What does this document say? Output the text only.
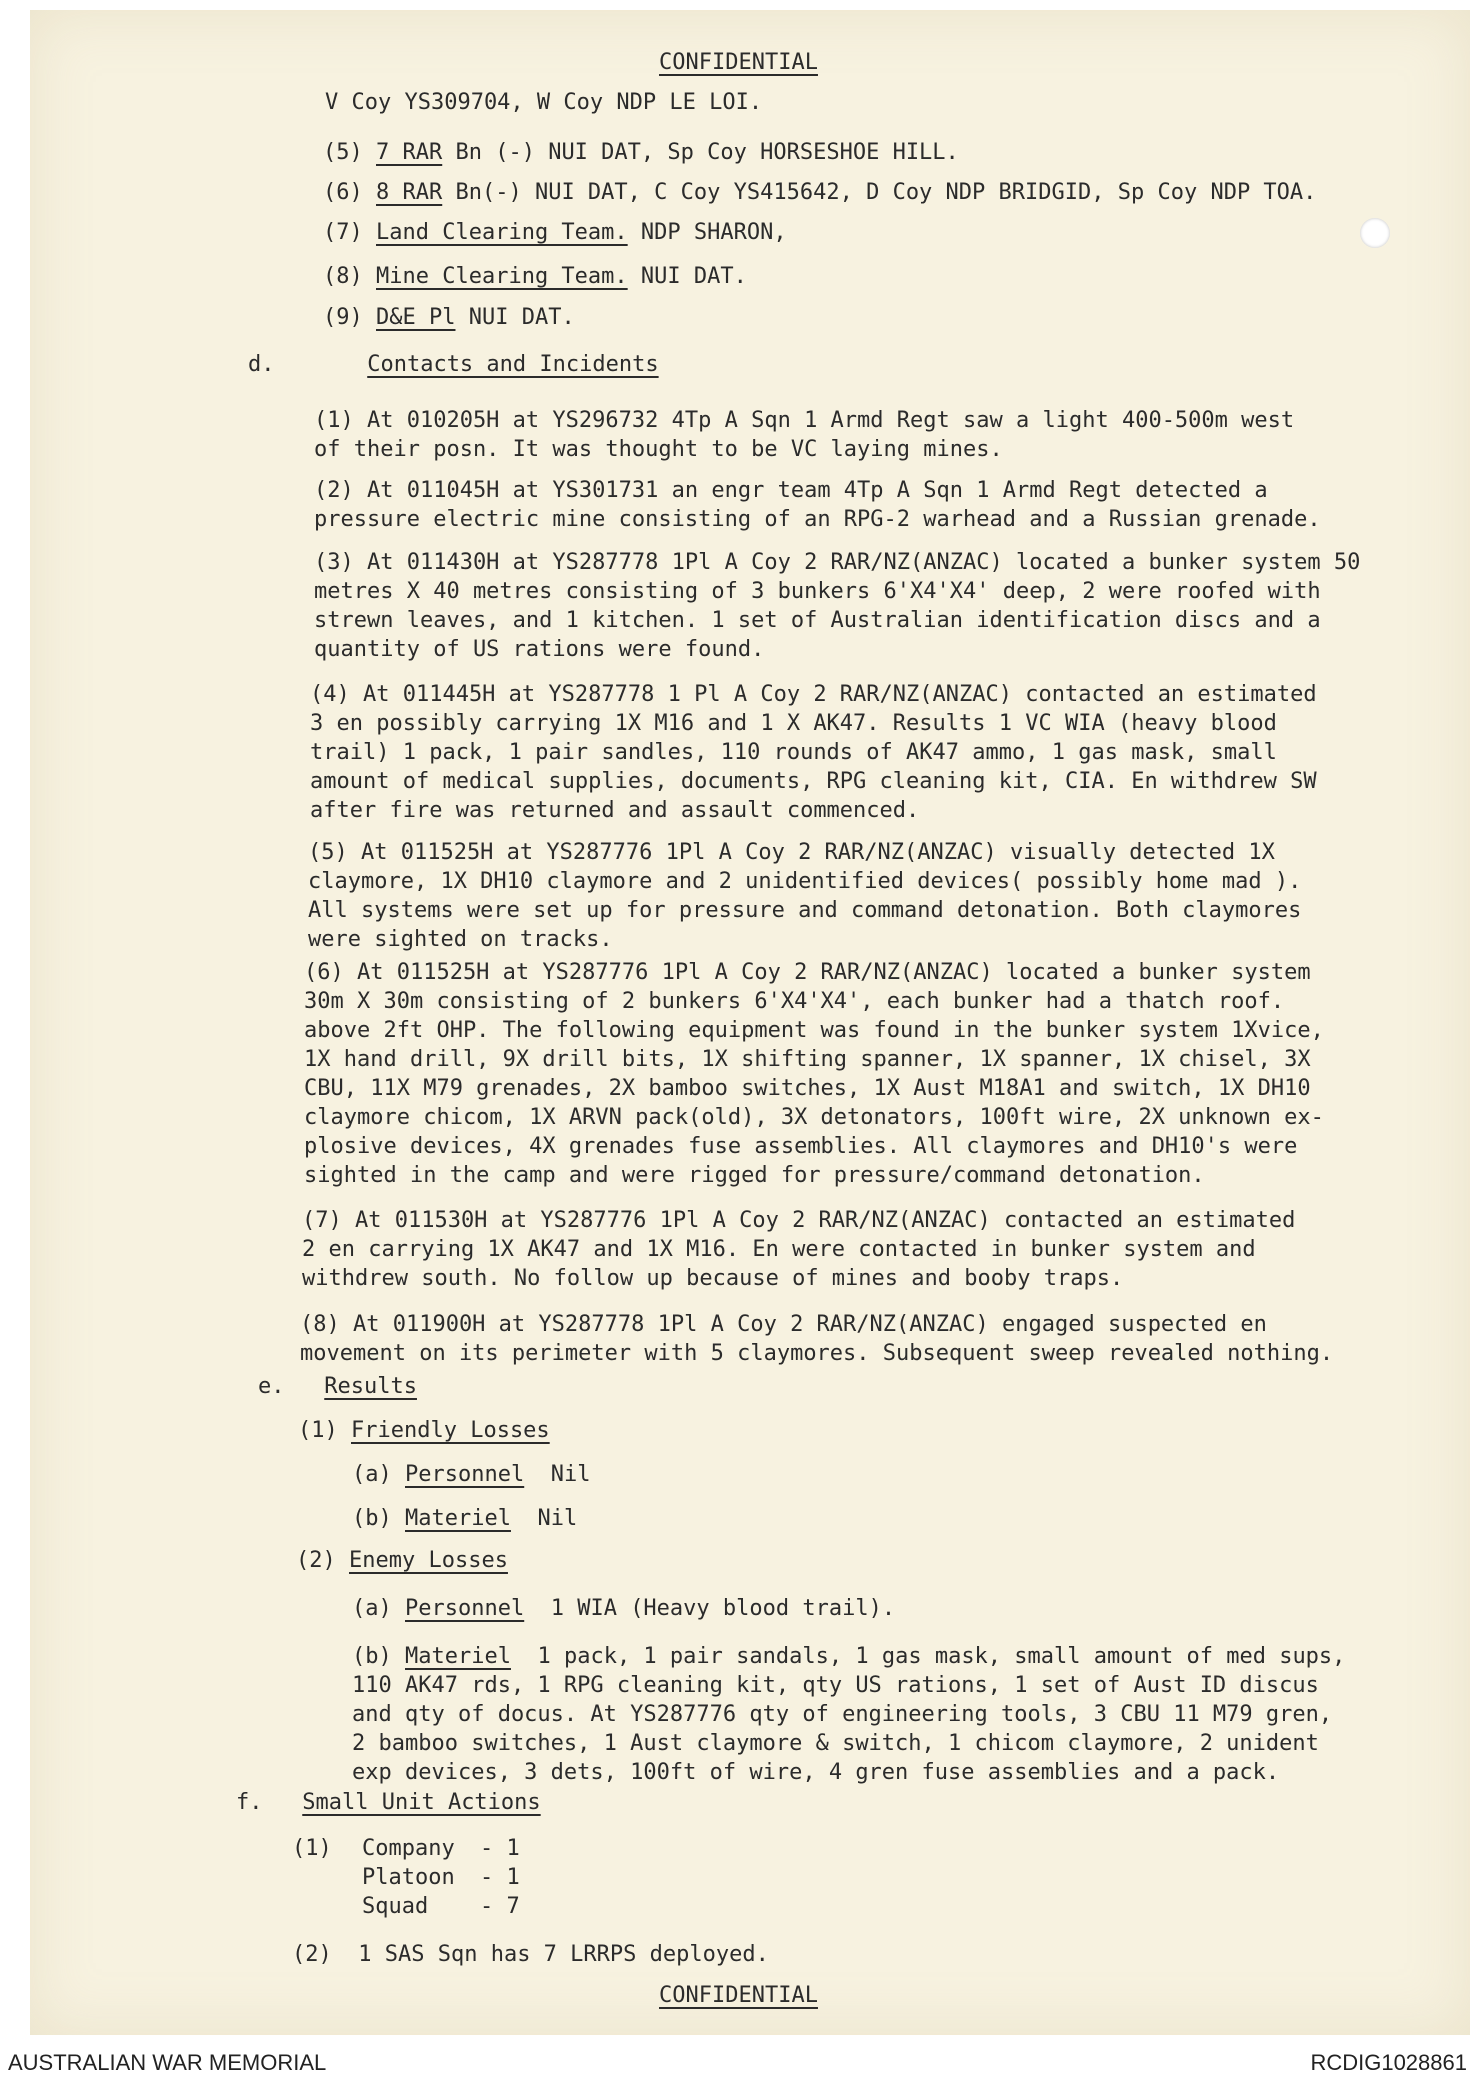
CONFIDENTIAL
V Coy YS309704, W Coy NDP LE LOI.
(5) 7 RAR Bn (-) NUI DAT, Sp Coy HORSESHOE HILL.
(6) 8 RAR Bn(-) NUI DAT, C Coy YS415642, D Coy NDP BRIDGID, Sp Coy NDP TOA.
(7) Land Clearing Team. NDP SHARON,
(8) Mine Clearing Team. NUI DAT.
(9) D&E Pl NUI DAT.
d.	Contacts and Incidents
(1) At 010205H at YS296732 4Tp A Sqn 1 Armd Regt saw a light 400-500m west
of their posn. It was thought to be VC laying mines.
(2) At 011045H at YS301731 an engr team 4Tp A Sqn 1 Armd Regt detected a
pressure electric mine consisting of an RPG-2 warhead and a Russian grenade.
(3) At 011430H at YS287778 1Pl A Coy 2 RAR/NZ(ANZAC) located a bunker system 50
metres X 40 metres consisting of 3 bunkers 6'X4'X4' deep, 2 were roofed with
strewn leaves, and 1 kitchen. 1 set of Australian identification discs and a
quantity of US rations were found.
(4) At 011445H at YS287778 1 Pl A Coy 2 RAR/NZ(ANZAC) contacted an estimated
3 en possibly carrying 1X M16 and 1 X AK47. Results 1 VC WIA (heavy blood
trail) 1 pack, 1 pair sandles, 110 rounds of AK47 ammo, 1 gas mask, small
amount of medical supplies, documents, RPG cleaning kit, CIA. En withdrew SW
after fire was returned and assault commenced.
(5) At 011525H at YS287776 1Pl A Coy 2 RAR/NZ(ANZAC) visually detected 1X
claymore, 1X DH10 claymore and 2 unidentified devices( possibly home mad ).
All systems were set up for pressure and command detonation. Both claymores
were sighted on tracks.
(6) At 011525H at YS287776 1Pl A Coy 2 RAR/NZ(ANZAC) located a bunker system
30m X 30m consisting of 2 bunkers 6'X4'X4', each bunker had a thatch roof.
above 2ft OHP. The following equipment was found in the bunker system 1Xvice,
1X hand drill, 9X drill bits, 1X shifting spanner, 1X spanner, 1X chisel, 3X
CBU, 11X M79 grenades, 2X bamboo switches, 1X Aust M18A1 and switch, 1X DH10
claymore chicom, 1X ARVN pack(old), 3X detonators, 100ft wire, 2X unknown ex-
plosive devices, 4X grenades fuse assemblies. All claymores and DH10's were
sighted in the camp and were rigged for pressure/command detonation.
(7) At 011530H at YS287776 1Pl A Coy 2 RAR/NZ(ANZAC) contacted an estimated
2 en carrying 1X AK47 and 1X M16. En were contacted in bunker system and
withdrew south. No follow up because of mines and booby traps.
(8) At 011900H at YS287778 1Pl A Coy 2 RAR/NZ(ANZAC) engaged suspected en
movement on its perimeter with 5 claymores. Subsequent sweep revealed nothing.
e. Results
(1) Friendly Losses
(a) Personnel Nil
(b) Materiel Nil
(2) Enemy Losses
(a) Personnel 1 WIA (Heavy blood trail).
(b) Materiel 1 pack, 1 pair sandals, 1 gas mask, small amount of med sups,
110 AK47 rds, 1 RPG cleaning kit, qty US rations, 1 set of Aust ID discus
and qty of docus. At YS287776 qty of engineering tools, 3 CBU 11 M79 gren,
2 bamboo switches, 1 Aust claymore & switch, 1 chicom claymore, 2 unident
exp devices, 3 dets, 100ft of wire, 4 gren fuse assemblies and a pack.
f. Small Unit Actions
(1) Company - 1
Platoon - 1
Squad - 7
(2) 1 SAS Sqn has 7 LRRPS deployed.
CONFIDENTIAL
AUSTRALIAN WAR MEMORIAL	RCDIG1028861
